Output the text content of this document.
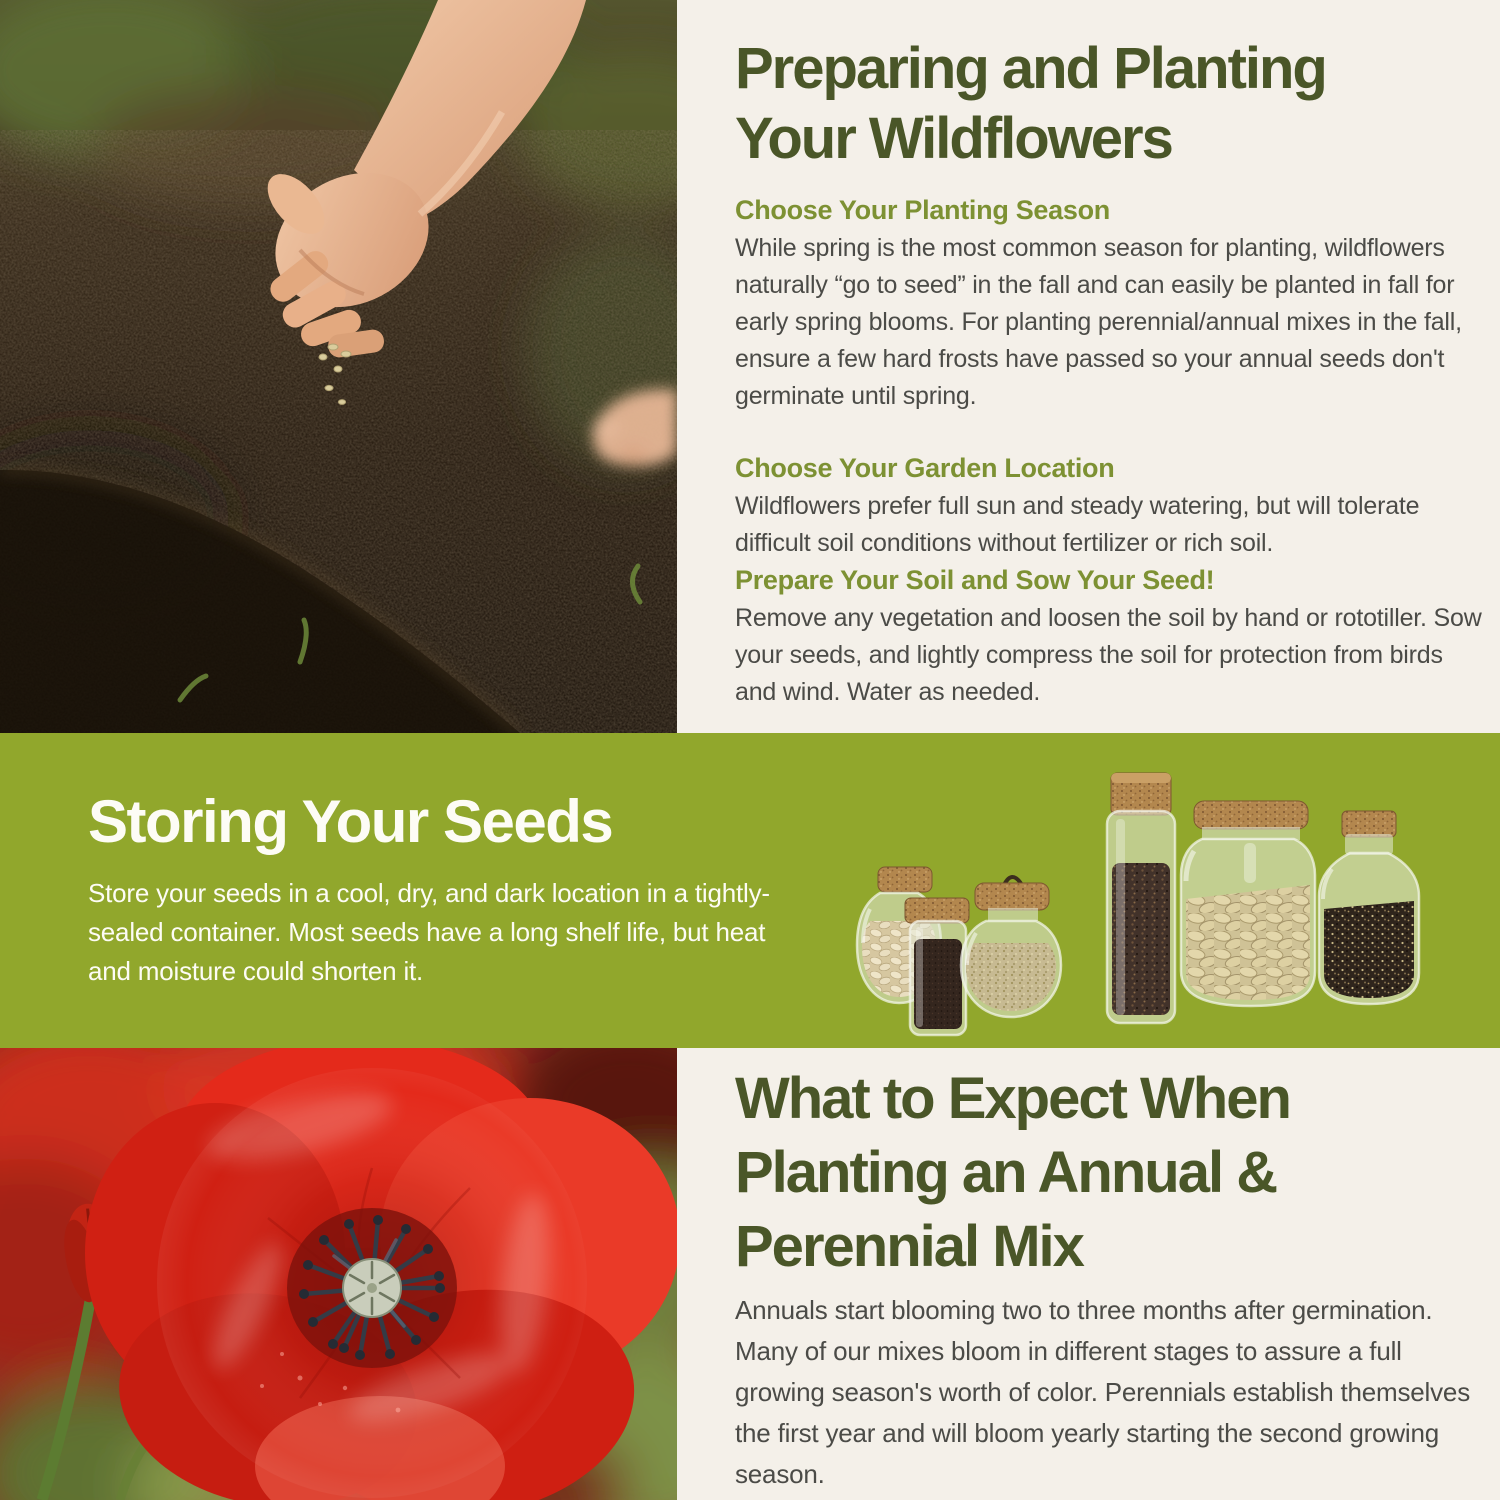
Preparing and Planting Your Wildflowers
Choose Your Planting Season
While spring is the most common season for planting, wildflowers naturally “go to seed” in the fall and can easily be planted in fall for early spring blooms. For planting perennial/annual mixes in the fall, ensure a few hard frosts have passed so your annual seeds don't germinate until spring.
Choose Your Garden Location
Wildflowers prefer full sun and steady watering, but will tolerate difficult soil conditions without fertilizer or rich soil.
Prepare Your Soil and Sow Your Seed!
Remove any vegetation and loosen the soil by hand or rototiller. Sow your seeds, and lightly compress the soil for protection from birds and wind. Water as needed.
Storing Your Seeds
Store your seeds in a cool, dry, and dark location in a tightly-sealed container. Most seeds have a long shelf life, but heat and moisture could shorten it.
What to Expect When Planting an Annual & Perennial Mix
Annuals start blooming two to three months after germination. Many of our mixes bloom in different stages to assure a full growing season's worth of color. Perennials establish themselves the first year and will bloom yearly starting the second growing season.
